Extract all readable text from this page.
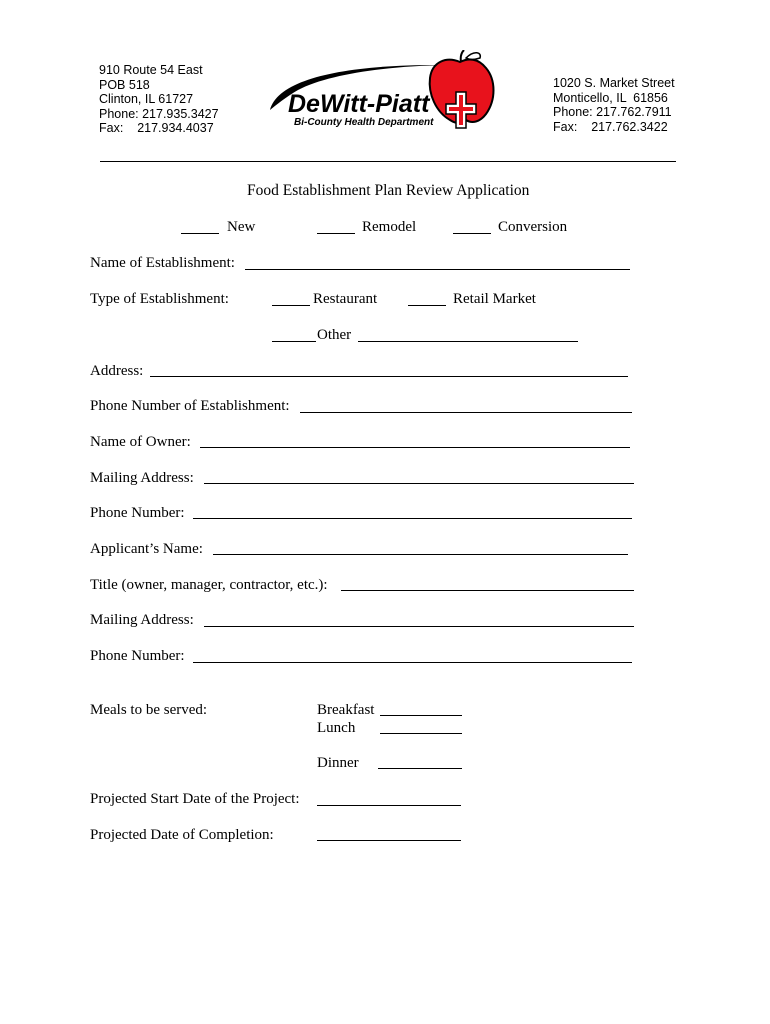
910 Route 54 East
POB 518
Clinton, IL 61727
Phone: 217.935.3427
Fax:    217.934.4037
1020 S. Market Street
Monticello, IL  61856
Phone: 217.762.7911
Fax:    217.762.3422
DeWitt-Piatt
Bi-County Health Department
Food Establishment Plan Review Application
New	Remodel	Conversion
Name of Establishment:
Type of Establishment:	Restaurant	Retail Market
Other
Address:
Phone Number of Establishment:
Name of Owner:
Mailing Address:
Phone Number:
Applicant’s Name:
Title (owner, manager, contractor, etc.):
Mailing Address:
Phone Number:
Meals to be served:	Breakfast
Lunch
Dinner
Projected Start Date of the Project:
Projected Date of Completion:
